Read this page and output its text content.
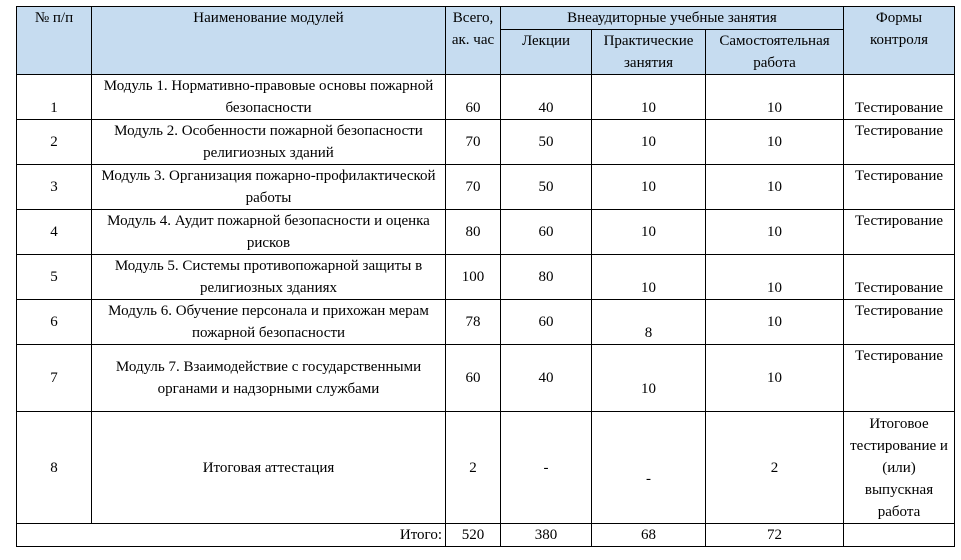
№ п/п	Наименование модулей	Всего, ак. час	Внеаудиторные учебные занятия			Формы контроля
			Лекции	Практические занятия	Самостоятельная работа	
1	Модуль 1. Нормативно-правовые основы пожарной безопасности	60	40	10	10	Тестирование
2	Модуль 2. Особенности пожарной безопасности религиозных зданий	70	50	10	10	Тестирование
3	Модуль 3. Организация пожарно-профилактической работы	70	50	10	10	Тестирование
4	Модуль 4. Аудит пожарной безопасности и оценка рисков	80	60	10	10	Тестирование
5	Модуль 5. Системы противопожарной защиты в религиозных зданиях	100	80	10	10	Тестирование
6	Модуль 6. Обучение персонала и прихожан мерам пожарной безопасности	78	60	8	10	Тестирование
7	Модуль 7. Взаимодействие с государственными органами и надзорными службами	60	40	10	10	Тестирование
8	Итоговая аттестация	2	-	-	2	Итоговое тестирование и (или) выпускная работа
Итого:		520	380	68	72	
